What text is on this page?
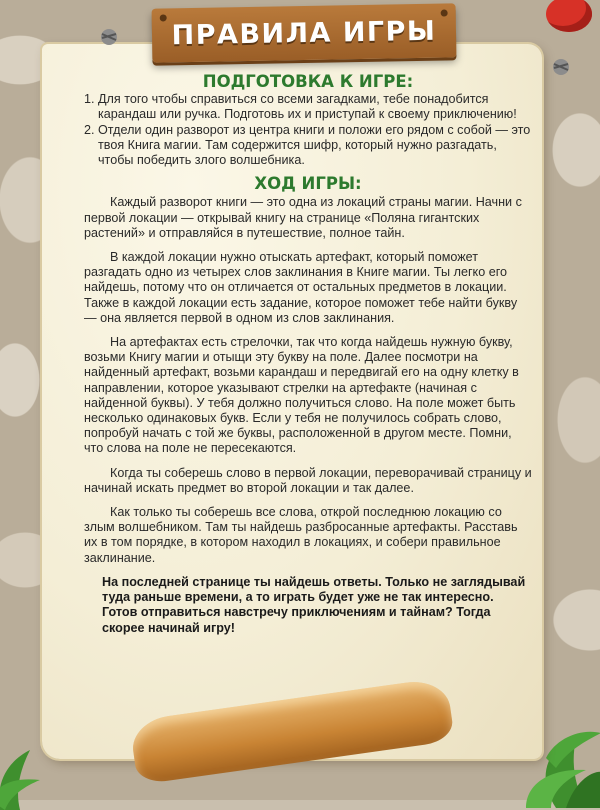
ПРАВИЛА ИГРЫ
ПОДГОТОВКА К ИГРЕ:
1. Для того чтобы справиться со всеми загадками, тебе понадобится карандаш или ручка. Подготовь их и приступай к своему приключению!
2. Отдели один разворот из центра книги и положи его рядом с собой — это твоя Книга магии. Там содержится шифр, который нужно разгадать, чтобы победить злого волшебника.
ХОД ИГРЫ:

Каждый разворот книги — это одна из локаций страны магии. Начни с первой локации — открывай книгу на странице «Поляна гигантских растений» и отправляйся в путешествие, полное тайн.

В каждой локации нужно отыскать артефакт, который поможет разгадать одно из четырех слов заклинания в Книге магии. Ты легко его найдешь, потому что он отличается от остальных предметов в локации. Также в каждой локации есть задание, которое поможет тебе найти букву — она является первой в одном из слов заклинания.

На артефактах есть стрелочки, так что когда найдешь нужную букву, возьми Книгу магии и отыщи эту букву на поле. Далее посмотри на найденный артефакт, возьми карандаш и передвигай его на одну клетку в направлении, которое указывают стрелки на артефакте (начиная с найденной буквы). У тебя должно получиться слово. На поле может быть несколько одинаковых букв. Если у тебя не получилось собрать слово, попробуй начать с той же буквы, расположенной в другом месте. Помни, что слова на поле не пересекаются.

Когда ты соберешь слово в первой локации, переворачивай страницу и начинай искать предмет во второй локации и так далее.

Как только ты соберешь все слова, открой последнюю локацию со злым волшебником. Там ты найдешь разбросанные артефакты. Расставь их в том порядке, в котором находил в локациях, и собери правильное заклинание.

На последней странице ты найдешь ответы. Только не заглядывай туда раньше времени, а то играть будет уже не так интересно. Готов отправиться навстречу приключениям и тайнам? Тогда скорее начинай игру!
